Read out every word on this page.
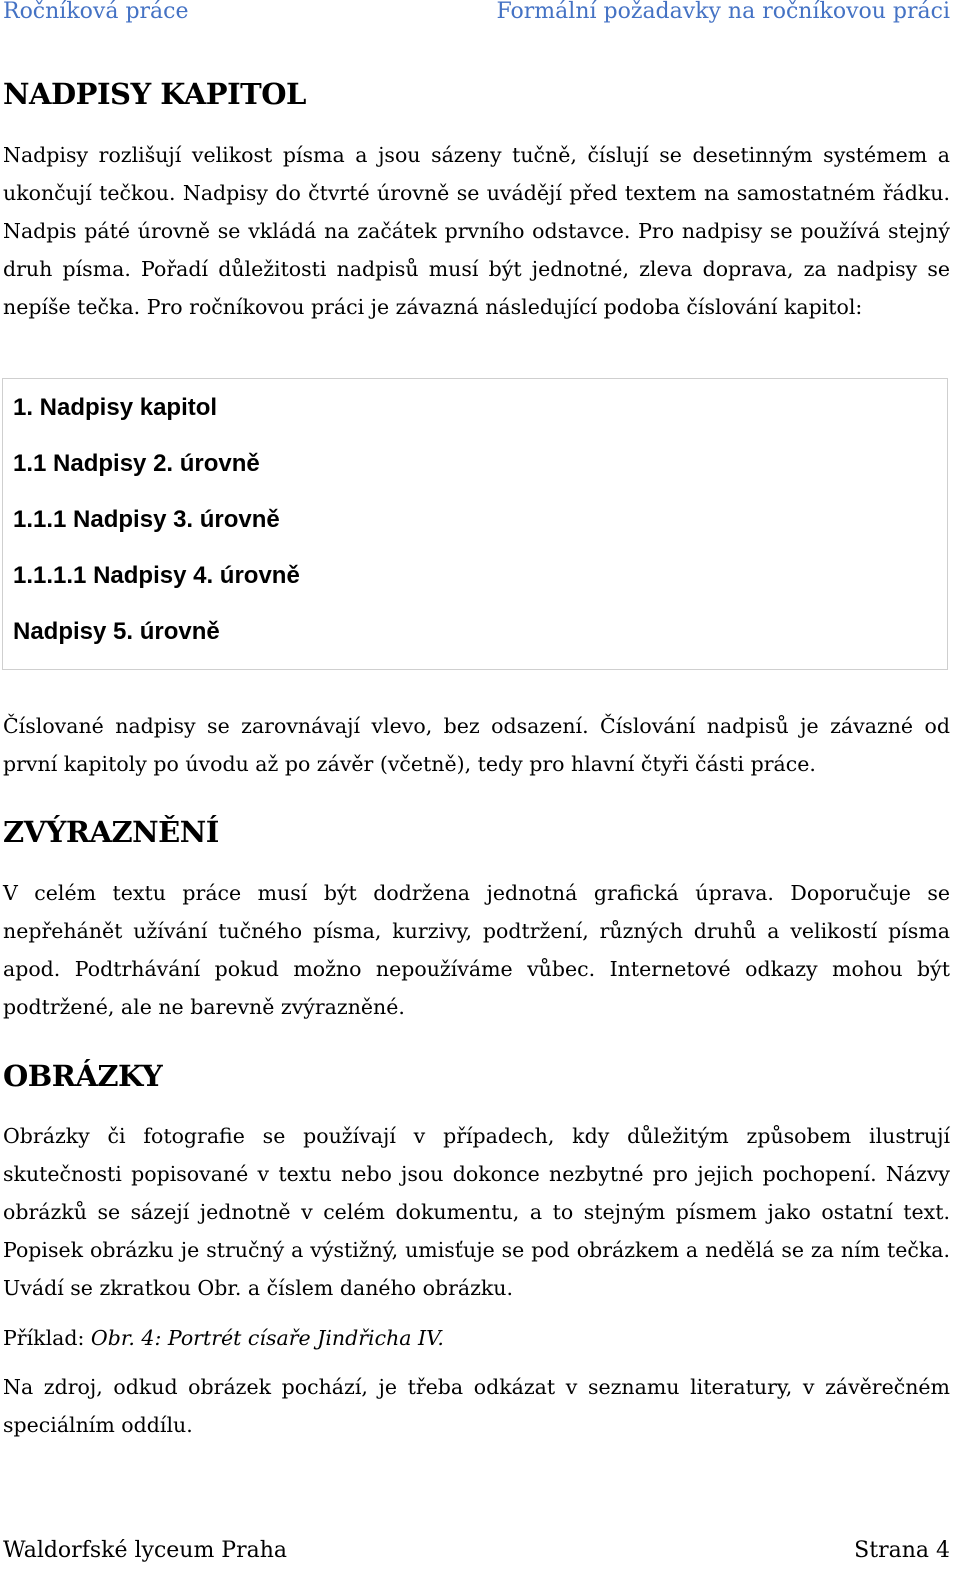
Ročníková práce	Formální požadavky na ročníkovou práci
NADPISY KAPITOL

Nadpisy rozlišují velikost písma a jsou sázeny tučně, číslují se desetinným systémem a ukončují tečkou. Nadpisy do čtvrté úrovně se uvádějí před textem na samostatném řádku. Nadpis páté úrovně se vkládá na začátek prvního odstavce. Pro nadpisy se používá stejný druh písma. Pořadí důležitosti nadpisů musí být jednotné, zleva doprava, za nadpisy se nepíše tečka. Pro ročníkovou práci je závazná následující podoba číslování kapitol:

1. Nadpisy kapitol
1.1 Nadpisy 2. úrovně
1.1.1 Nadpisy 3. úrovně
1.1.1.1 Nadpisy 4. úrovně
Nadpisy 5. úrovně

Číslované nadpisy se zarovnávají vlevo, bez odsazení. Číslování nadpisů je závazné od první kapitoly po úvodu až po závěr (včetně), tedy pro hlavní čtyři části práce.

ZVÝRAZNĚNÍ

V celém textu práce musí být dodržena jednotná grafická úprava. Doporučuje se nepřehánět užívání tučného písma, kurzivy, podtržení, různých druhů a velikostí písma apod. Podtrhávání pokud možno nepoužíváme vůbec. Internetové odkazy mohou být podtržené, ale ne barevně zvýrazněné.

OBRÁZKY

Obrázky či fotografie se používají v případech, kdy důležitým způsobem ilustrují skutečnosti popisované v textu nebo jsou dokonce nezbytné pro jejich pochopení. Názvy obrázků se sázejí jednotně v celém dokumentu, a to stejným písmem jako ostatní text. Popisek obrázku je stručný a výstižný, umisťuje se pod obrázkem a nedělá se za ním tečka. Uvádí se zkratkou Obr. a číslem daného obrázku.

Příklad: Obr. 4: Portrét císaře Jindřicha IV.

Na zdroj, odkud obrázek pochází, je třeba odkázat v seznamu literatury, v závěrečném speciálním oddílu.

Waldorfské lyceum Praha	Strana 4
